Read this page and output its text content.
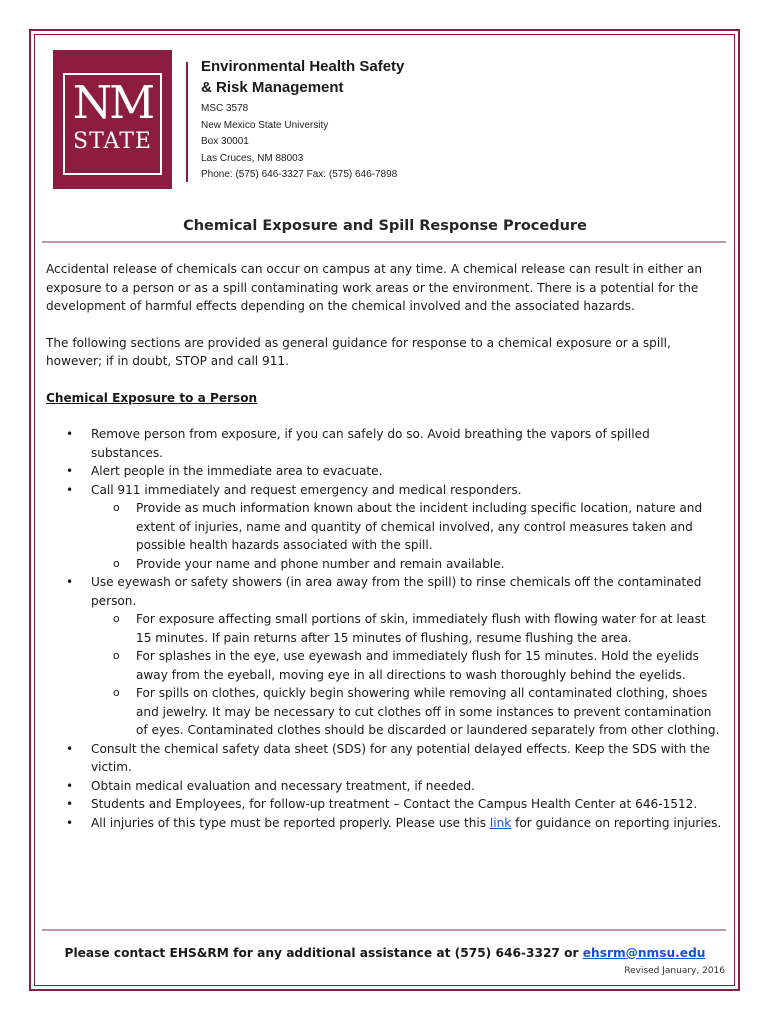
NM
STATE
Environmental Health Safety
& Risk Management
MSC 3578
New Mexico State University
Box 30001
Las Cruces, NM 88003
Phone: (575) 646-3327 Fax: (575) 646-7898
Chemical Exposure and Spill Response Procedure

Accidental release of chemicals can occur on campus at any time. A chemical release can result in either an exposure to a person or as a spill contaminating work areas or the environment. There is a potential for the development of harmful effects depending on the chemical involved and the associated hazards.

The following sections are provided as general guidance for response to a chemical exposure or a spill, however; if in doubt, STOP and call 911.

Chemical Exposure to a Person

• Remove person from exposure, if you can safely do so. Avoid breathing the vapors of spilled substances.
• Alert people in the immediate area to evacuate.
• Call 911 immediately and request emergency and medical responders.
o Provide as much information known about the incident including specific location, nature and extent of injuries, name and quantity of chemical involved, any control measures taken and possible health hazards associated with the spill.
o Provide your name and phone number and remain available.
• Use eyewash or safety showers (in area away from the spill) to rinse chemicals off the contaminated person.
o For exposure affecting small portions of skin, immediately flush with flowing water for at least 15 minutes. If pain returns after 15 minutes of flushing, resume flushing the area.
o For splashes in the eye, use eyewash and immediately flush for 15 minutes. Hold the eyelids away from the eyeball, moving eye in all directions to wash thoroughly behind the eyelids.
o For spills on clothes, quickly begin showering while removing all contaminated clothing, shoes and jewelry. It may be necessary to cut clothes off in some instances to prevent contamination of eyes. Contaminated clothes should be discarded or laundered separately from other clothing.
• Consult the chemical safety data sheet (SDS) for any potential delayed effects. Keep the SDS with the victim.
• Obtain medical evaluation and necessary treatment, if needed.
• Students and Employees, for follow-up treatment – Contact the Campus Health Center at 646-1512.
• All injuries of this type must be reported properly. Please use this link for guidance on reporting injuries.
Please contact EHS&RM for any additional assistance at (575) 646-3327 or ehsrm@nmsu.edu
Revised January, 2016
